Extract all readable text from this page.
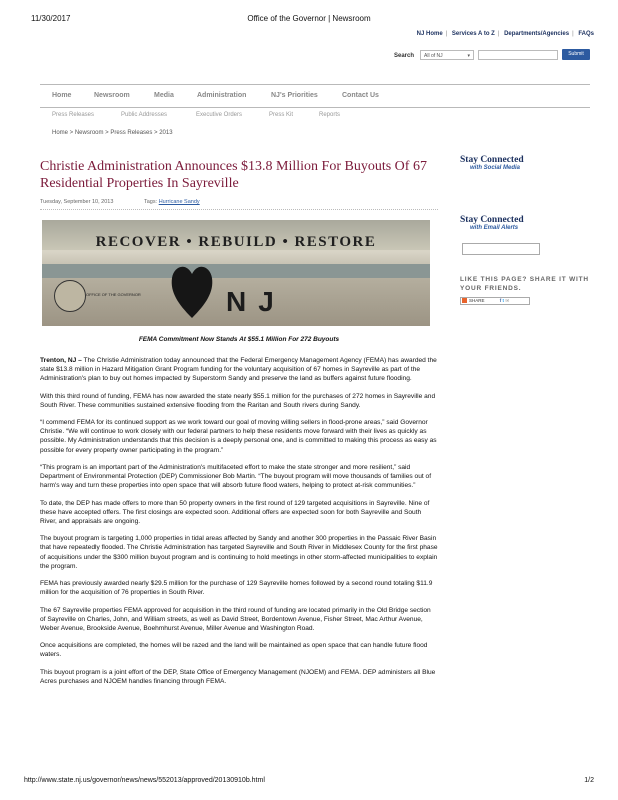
11/30/2017	Office of the Governor | Newsroom
NJ Home | Services A to Z | Departments/Agencies | FAQs
Search	All of NJ	▾	Submit
Home	Newsroom	Media	Administration	NJ's Priorities	Contact Us
Press Releases	Public Addresses	Executive Orders	Press Kit	Reports
Home > Newsroom > Press Releases > 2013
Christie Administration Announces $13.8 Million For Buyouts Of 67 Residential Properties In Sayreville
Tuesday, September 10, 2013	Tags: Hurricane Sandy
RECOVER • REBUILD • RESTORE
NJ
OFFICE OF THE GOVERNOR
FEMA Commitment Now Stands At $55.1 Million For 272 Buyouts

Trenton, NJ – The Christie Administration today announced that the Federal Emergency Management Agency (FEMA) has awarded the state $13.8 million in Hazard Mitigation Grant Program funding for the voluntary acquisition of 67 homes in Sayreville as part of the Administration's plan to buy out homes impacted by Superstorm Sandy and preserve the land as buffers against future flooding.

With this third round of funding, FEMA has now awarded the state nearly $55.1 million for the purchases of 272 homes in Sayreville and South River. These communities sustained extensive flooding from the Raritan and South rivers during Sandy.

“I commend FEMA for its continued support as we work toward our goal of moving willing sellers in flood-prone areas,” said Governor Christie. “We will continue to work closely with our federal partners to help these residents move forward with their lives as quickly as possible. My Administration understands that this decision is a deeply personal one, and is committed to making this process as easy as possible for every property owner participating in the program.”

“This program is an important part of the Administration's multifaceted effort to make the state stronger and more resilient,” said Department of Environmental Protection (DEP) Commissioner Bob Martin. “The buyout program will move thousands of families out of harm's way and turn these properties into open space that will absorb future flood waters, helping to protect at-risk communities.”

To date, the DEP has made offers to more than 50 property owners in the first round of 129 targeted acquisitions in Sayreville. Nine of these have accepted offers. The first closings are expected soon. Additional offers are expected soon for both Sayreville and South River, and appraisals are ongoing.

The buyout program is targeting 1,000 properties in tidal areas affected by Sandy and another 300 properties in the Passaic River Basin that have repeatedly flooded. The Christie Administration has targeted Sayreville and South River in Middlesex County for the first phase of acquisitions under the $300 million buyout program and is continuing to hold meetings in other storm-affected municipalities to explain the program.

FEMA has previously awarded nearly $29.5 million for the purchase of 129 Sayreville homes followed by a second round totaling $11.9 million for the acquisition of 76 properties in South River.

The 67 Sayreville properties FEMA approved for acquisition in the third round of funding are located primarily in the Old Bridge section of Sayreville on Charles, John, and William streets, as well as David Street, Bordentown Avenue, Fisher Street, Mac Arthur Avenue, Weber Avenue, Brookside Avenue, Boehmhurst Avenue, Miller Avenue and Washington Road.

Once acquisitions are completed, the homes will be razed and the land will be maintained as open space that can handle future flood waters.

This buyout program is a joint effort of the DEP, State Office of Emergency Management (NJOEM) and FEMA. DEP administers all Blue Acres purchases and NJOEM handles financing through FEMA.

Stay Connected
with Social Media
Stay Connected
with Email Alerts
LIKE THIS PAGE? SHARE IT WITH YOUR FRIENDS.
SHARE	f t ✉
http://www.state.nj.us/governor/news/news/552013/approved/20130910b.html	1/2
